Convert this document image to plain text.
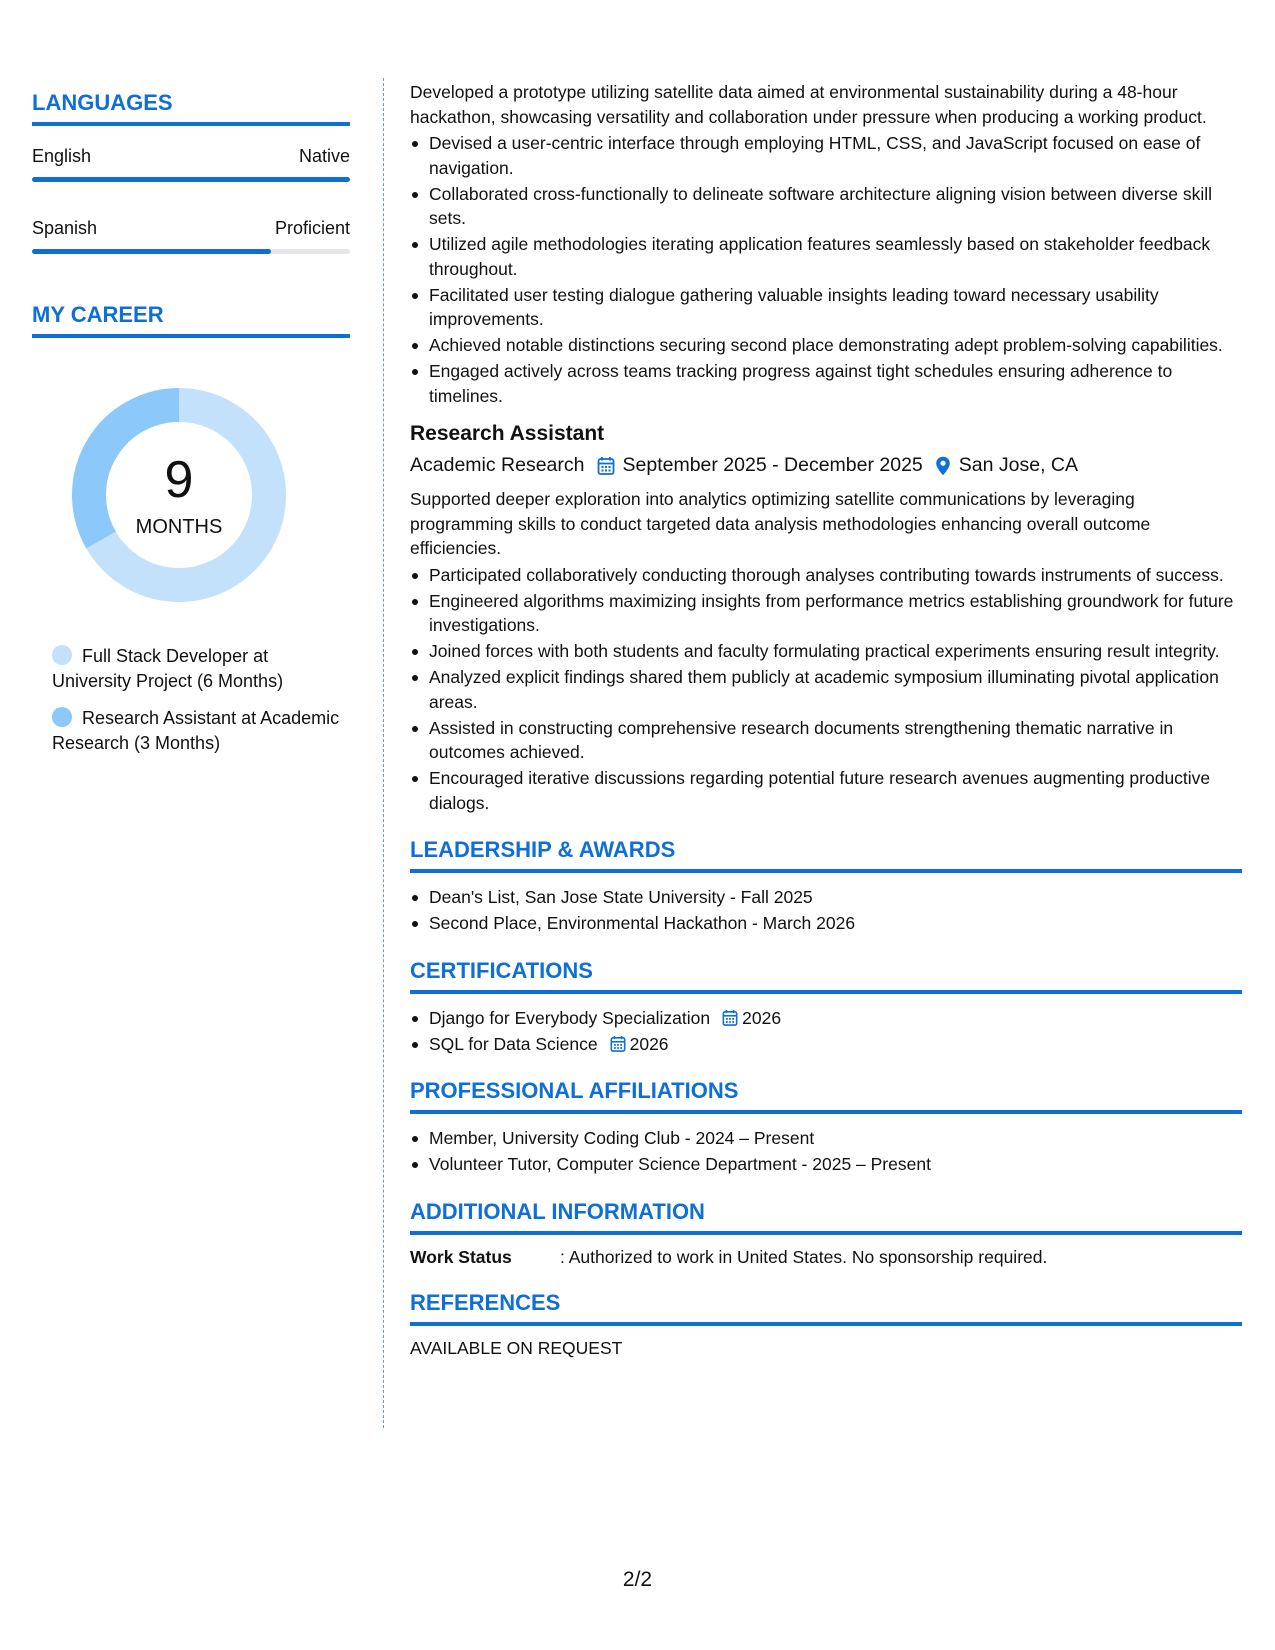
LANGUAGES
English	Native
Spanish	Proficient
MY CAREER
9
MONTHS
Full Stack Developer at University Project (6 Months)
Research Assistant at Academic Research (3 Months)
Developed a prototype utilizing satellite data aimed at environmental sustainability during a 48-hour hackathon, showcasing versatility and collaboration under pressure when producing a working product.
Devised a user-centric interface through employing HTML, CSS, and JavaScript focused on ease of navigation.
Collaborated cross-functionally to delineate software architecture aligning vision between diverse skill sets.
Utilized agile methodologies iterating application features seamlessly based on stakeholder feedback throughout.
Facilitated user testing dialogue gathering valuable insights leading toward necessary usability improvements.
Achieved notable distinctions securing second place demonstrating adept problem-solving capabilities.
Engaged actively across teams tracking progress against tight schedules ensuring adherence to timelines.
Research Assistant
Academic Research September 2025 - December 2025 San Jose, CA
Supported deeper exploration into analytics optimizing satellite communications by leveraging programming skills to conduct targeted data analysis methodologies enhancing overall outcome efficiencies.
Participated collaboratively conducting thorough analyses contributing towards instruments of success.
Engineered algorithms maximizing insights from performance metrics establishing groundwork for future investigations.
Joined forces with both students and faculty formulating practical experiments ensuring result integrity.
Analyzed explicit findings shared them publicly at academic symposium illuminating pivotal application areas.
Assisted in constructing comprehensive research documents strengthening thematic narrative in outcomes achieved.
Encouraged iterative discussions regarding potential future research avenues augmenting productive dialogs.
LEADERSHIP & AWARDS
Dean's List, San Jose State University - Fall 2025
Second Place, Environmental Hackathon - March 2026
CERTIFICATIONS
Django for Everybody Specialization 2026
SQL for Data Science 2026
PROFESSIONAL AFFILIATIONS
Member, University Coding Club - 2024 – Present
Volunteer Tutor, Computer Science Department - 2025 – Present
ADDITIONAL INFORMATION
Work Status	: Authorized to work in United States. No sponsorship required.
REFERENCES
AVAILABLE ON REQUEST
2/2
